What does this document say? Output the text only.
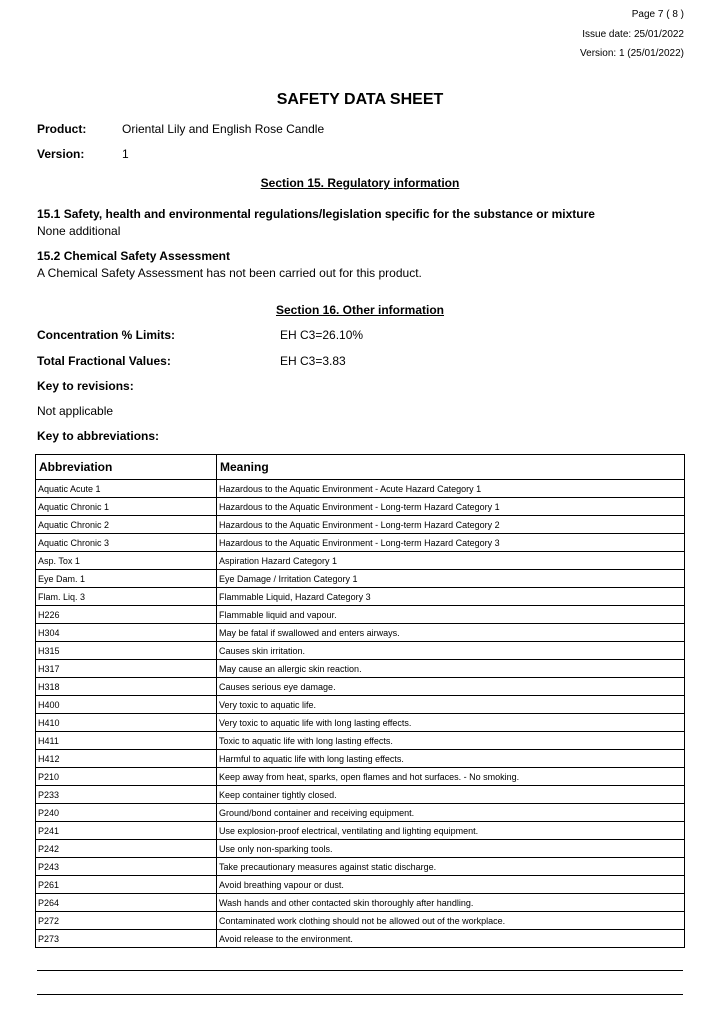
Page 7 ( 8 )
Issue date: 25/01/2022
Version: 1 (25/01/2022)
SAFETY DATA SHEET
Product:	Oriental Lily and English Rose Candle
Version:	1
Section 15. Regulatory information
15.1 Safety, health and environmental regulations/legislation specific for the substance or mixture
None additional
15.2 Chemical Safety Assessment
A Chemical Safety Assessment has not been carried out for this product.
Section 16. Other information
Concentration % Limits:	EH C3=26.10%
Total Fractional Values:	EH C3=3.83
Key to revisions:
Not applicable
Key to abbreviations:
Abbreviation	Meaning
Aquatic Acute 1	Hazardous to the Aquatic Environment - Acute Hazard Category 1
Aquatic Chronic 1	Hazardous to the Aquatic Environment - Long-term Hazard Category 1
Aquatic Chronic 2	Hazardous to the Aquatic Environment - Long-term Hazard Category 2
Aquatic Chronic 3	Hazardous to the Aquatic Environment - Long-term Hazard Category 3
Asp. Tox 1	Aspiration Hazard Category 1
Eye Dam. 1	Eye Damage / Irritation Category 1
Flam. Liq. 3	Flammable Liquid, Hazard Category 3
H226	Flammable liquid and vapour.
H304	May be fatal if swallowed and enters airways.
H315	Causes skin irritation.
H317	May cause an allergic skin reaction.
H318	Causes serious eye damage.
H400	Very toxic to aquatic life.
H410	Very toxic to aquatic life with long lasting effects.
H411	Toxic to aquatic life with long lasting effects.
H412	Harmful to aquatic life with long lasting effects.
P210	Keep away from heat, sparks, open flames and hot surfaces. - No smoking.
P233	Keep container tightly closed.
P240	Ground/bond container and receiving equipment.
P241	Use explosion-proof electrical, ventilating and lighting equipment.
P242	Use only non-sparking tools.
P243	Take precautionary measures against static discharge.
P261	Avoid breathing vapour or dust.
P264	Wash hands and other contacted skin thoroughly after handling.
P272	Contaminated work clothing should not be allowed out of the workplace.
P273	Avoid release to the environment.
